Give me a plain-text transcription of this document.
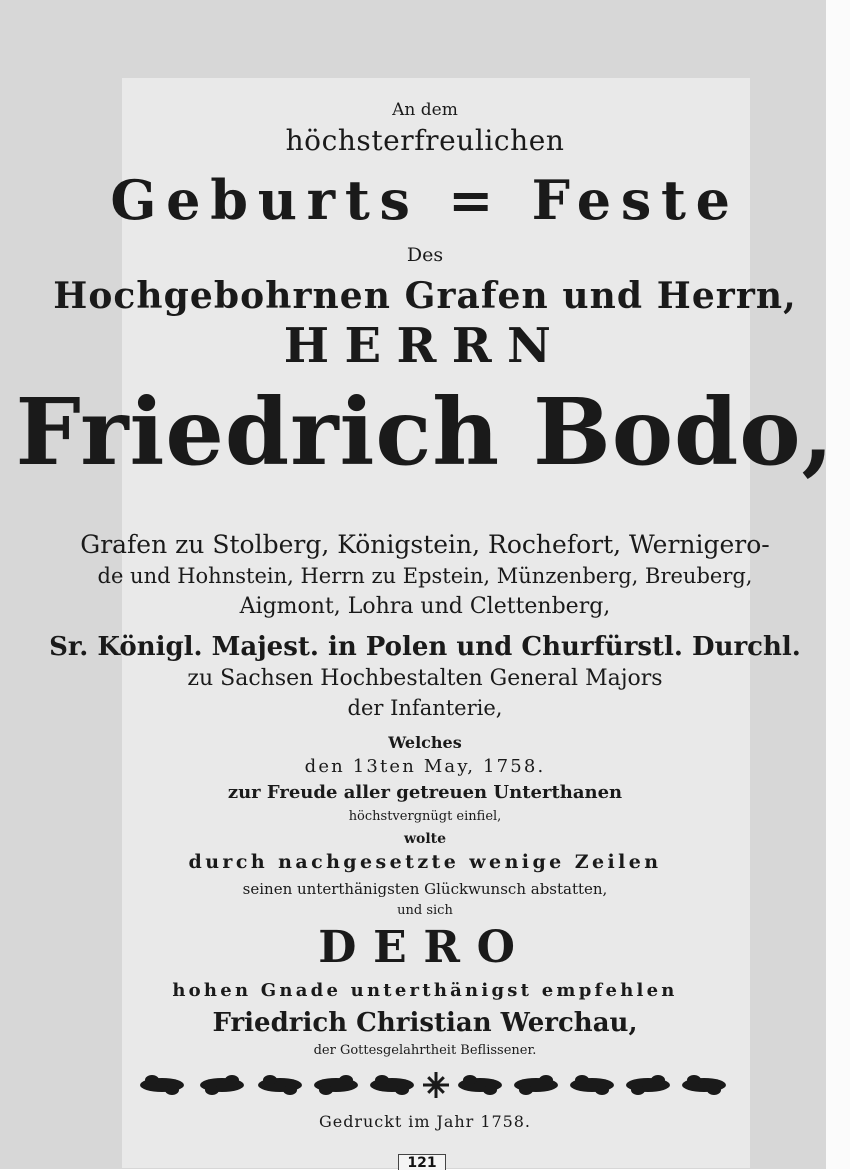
An dem
höchsterfreulichen
Geburts = Feste
Des
Hochgebohrnen Grafen und Herrn,
HERRN
Friedrich Bodo,
Grafen zu Stolberg, Königstein, Rochefort, Wernigero-
de und Hohnstein, Herrn zu Epstein, Münzenberg, Breuberg,
Aigmont, Lohra und Clettenberg,
Sr. Königl. Majest. in Polen und Churfürstl. Durchl.
zu Sachsen Hochbestalten General Majors
der Infanterie,
Welches
den 13ten May, 1758.
zur Freude aller getreuen Unterthanen
höchstvergnügt einfiel,
wolte
durch nachgesetzte wenige Zeilen
seinen unterthänigsten Glückwunsch abstatten,
und sich
DERO
hohen Gnade unterthänigst empfehlen
Friedrich Christian Werchau,
der Gottesgelahrtheit Beflissener.
Gedruckt im Jahr 1758.
121
